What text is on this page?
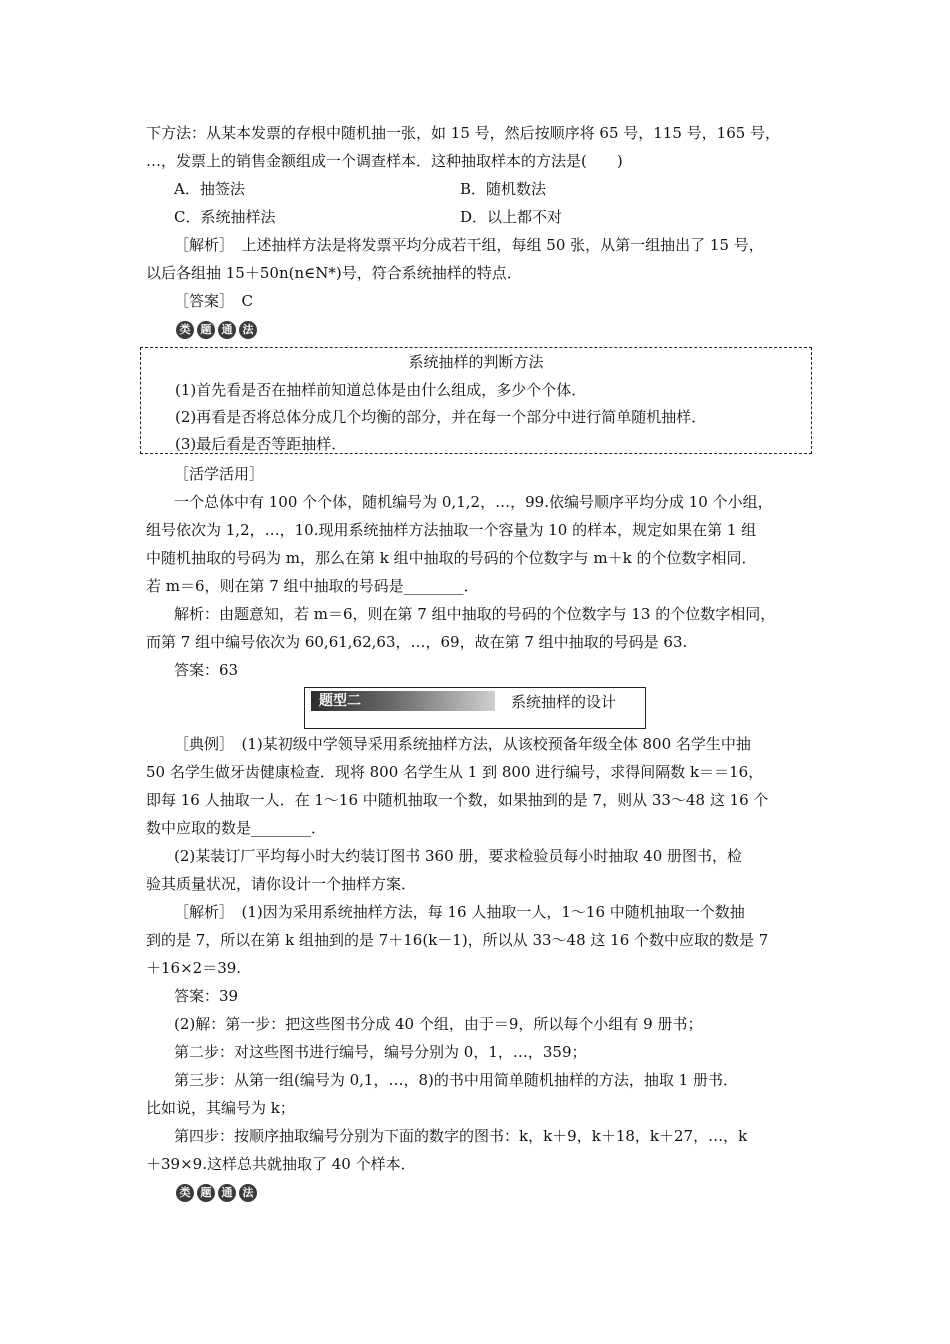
下方法：从某本发票的存根中随机抽一张，如 15 号，然后按顺序将 65 号，115 号，165 号，
…，发票上的销售金额组成一个调查样本．这种抽取样本的方法是(　　)
A．抽签法	B．随机数法
C．系统抽样法	D．以上都不对
［解析］　上述抽样方法是将发票平均分成若干组，每组 50 张，从第一组抽出了 15 号，
以后各组抽 15＋50n(n∈N*)号，符合系统抽样的特点．
［答案］　C
类 题 通 法
系统抽样的判断方法
(1)首先看是否在抽样前知道总体是由什么组成，多少个个体．
(2)再看是否将总体分成几个均衡的部分，并在每一个部分中进行简单随机抽样．
(3)最后看是否等距抽样．
［活学活用］
一个总体中有 100 个个体，随机编号为 0,1,2，…，99.依编号顺序平均分成 10 个小组，
组号依次为 1,2，…，10.现用系统抽样方法抽取一个容量为 10 的样本，规定如果在第 1 组
中随机抽取的号码为 m，那么在第 k 组中抽取的号码的个位数字与 m＋k 的个位数字相同．
若 m＝6，则在第 7 组中抽取的号码是________．
解析：由题意知，若 m＝6，则在第 7 组中抽取的号码的个位数字与 13 的个位数字相同，
而第 7 组中编号依次为 60,61,62,63，…，69，故在第 7 组中抽取的号码是 63.
答案：63
题型二	系统抽样的设计
［典例］　(1)某初级中学领导采用系统抽样方法，从该校预备年级全体 800 名学生中抽
50 名学生做牙齿健康检查．现将 800 名学生从 1 到 800 进行编号，求得间隔数 k＝＝16，
即每 16 人抽取一人．在 1～16 中随机抽取一个数，如果抽到的是 7，则从 33～48 这 16 个
数中应取的数是________．
(2)某装订厂平均每小时大约装订图书 360 册，要求检验员每小时抽取 40 册图书，检
验其质量状况，请你设计一个抽样方案．
［解析］　(1)因为采用系统抽样方法，每 16 人抽取一人，1～16 中随机抽取一个数抽
到的是 7，所以在第 k 组抽到的是 7＋16(k－1)，所以从 33～48 这 16 个数中应取的数是 7
＋16×2＝39.
答案：39
(2)解：第一步：把这些图书分成 40 个组，由于＝9，所以每个小组有 9 册书；
第二步：对这些图书进行编号，编号分别为 0，1，…，359；
第三步：从第一组(编号为 0,1，…，8)的书中用简单随机抽样的方法，抽取 1 册书．
比如说，其编号为 k；
第四步：按顺序抽取编号分别为下面的数字的图书：k，k＋9，k＋18，k＋27，…，k
＋39×9.这样总共就抽取了 40 个样本．
类 题 通 法
